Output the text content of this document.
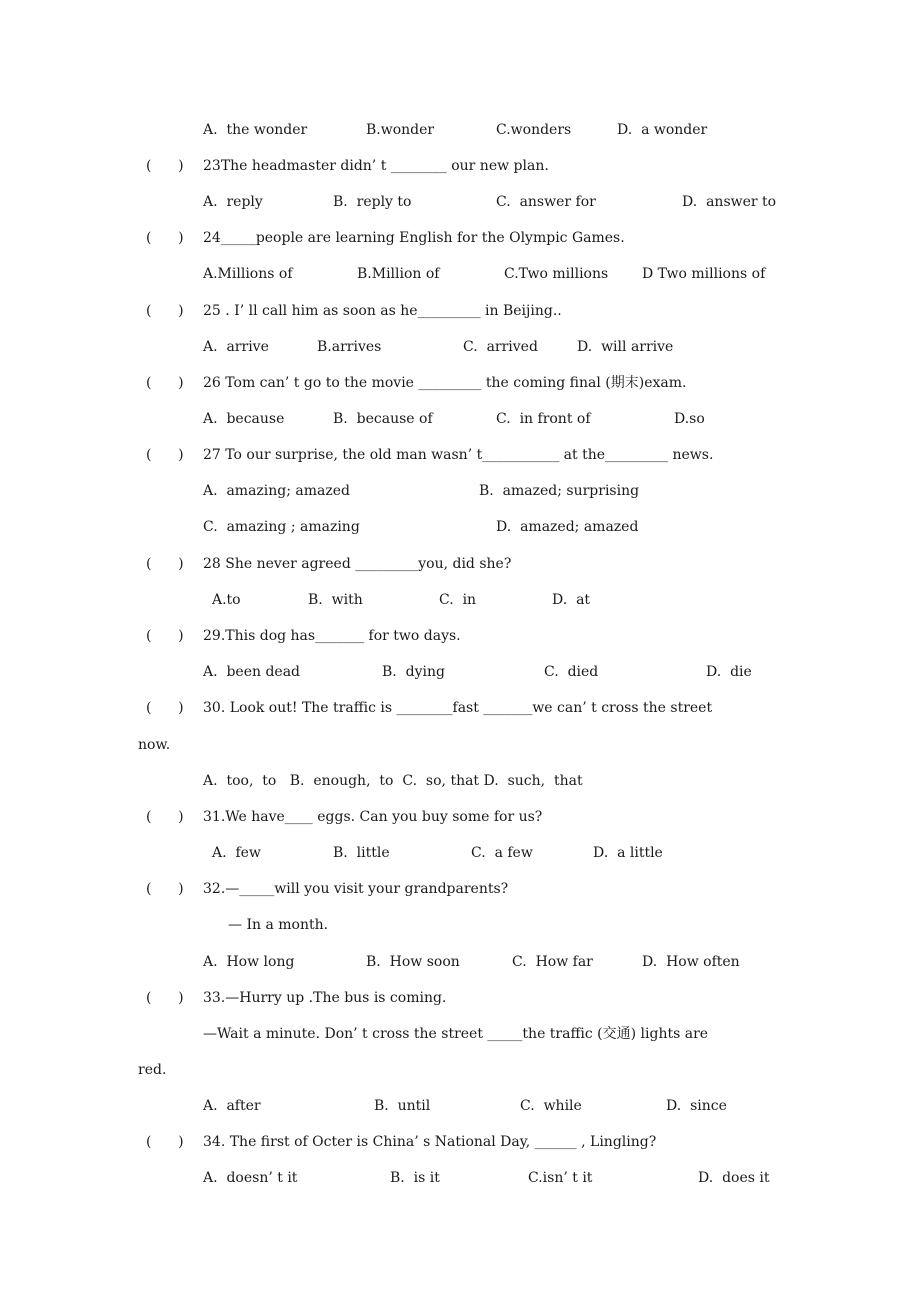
A.  the wonder	B.wonder	C.wonders	D.  a wonder
(      ) 23The headmaster didn’ t ________ our new plan.
A.  reply	B.  reply to	C.  answer for	D.  answer to
(      ) 24_____people are learning English for the Olympic Games.
A.Millions of	B.Million of	C.Two millions D Two millions of
(      ) 25 . I’ ll call him as soon as he_________ in Beijing..
A.  arrive	B.arrives	C.  arrived	D.  will arrive
(      ) 26 Tom can’ t go to the movie _________ the coming final (期末)exam.
A.  because	B.  because of	C.  in front of	D.so
(      ) 27 To our surprise, the old man wasn’ t___________ at the_________ news.
A.  amazing; amazed	B.  amazed; surprising
C.  amazing ; amazing	D.  amazed; amazed
(      ) 28 She never agreed _________you, did she?
A.to	B.  with	C.  in	D.  at
(      ) 29.This dog has_______ for two days.
A.  been dead	B.  dying	C.  died	D.  die
(      ) 30. Look out! The traffic is ________fast _______we can’ t cross the street
now.
A.  too,  to   B.  enough,  to  C.  so, that D.  such,  that
(      ) 31.We have____ eggs. Can you buy some for us?
A.  few	B.  little	C.  a few	D.  a little
(      ) 32.—_____will you visit your grandparents?
— In a month.
A.  How long	B.  How soon	C.  How far	D.  How often
(      ) 33.—Hurry up .The bus is coming.
—Wait a minute. Don’ t cross the street _____the traffic (交通) lights are
red.
A.  after	B.  until	C.  while	D.  since
(      ) 34. The first of Octer is China’ s National Day, ______ , Lingling?
A.  doesn’ t it	B.  is it	C.isn’ t it	D.  does it
